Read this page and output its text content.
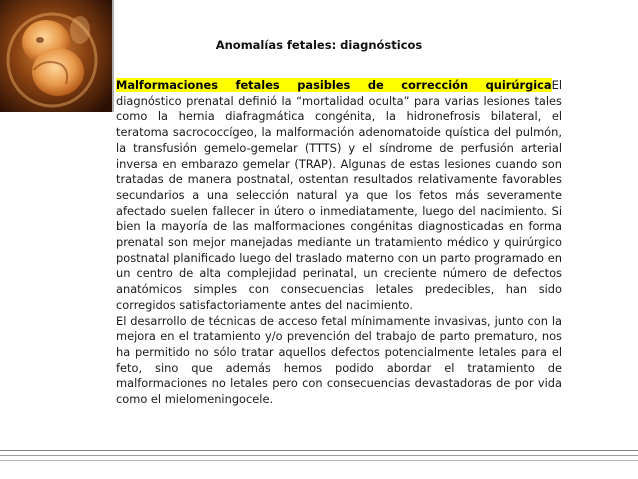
Anomalías fetales: diagnósticos

Malformaciones fetales pasibles de corrección quirúrgicaEl diagnóstico prenatal definió la “mortalidad oculta” para varias lesiones tales como la hernia diafragmática congénita, la hidronefrosis bilateral, el teratoma sacrococcígeo, la malformación adenomatoide quística del pulmón, la transfusión gemelo-gemelar (TTTS) y el síndrome de perfusión arterial inversa en embarazo gemelar (TRAP). Algunas de estas lesiones cuando son tratadas de manera postnatal, ostentan resultados relativamente favorables secundarios a una selección natural ya que los fetos más severamente afectado suelen fallecer in útero o inmediatamente, luego del nacimiento. Si bien la mayoría de las malformaciones congénitas diagnosticadas en forma prenatal son mejor manejadas mediante un tratamiento médico y quirúrgico postnatal planificado luego del traslado materno con un parto programado en un centro de alta complejidad perinatal, un creciente número de defectos anatómicos simples con consecuencias letales predecibles, han sido corregidos satisfactoriamente antes del nacimiento.

El desarrollo de técnicas de acceso fetal mínimamente invasivas, junto con la mejora en el tratamiento y/o prevención del trabajo de parto prematuro, nos ha permitido no sólo tratar aquellos defectos potencialmente letales para el feto, sino que además hemos podido abordar el tratamiento de malformaciones no letales pero con consecuencias devastadoras de por vida como el mielomeningocele.
